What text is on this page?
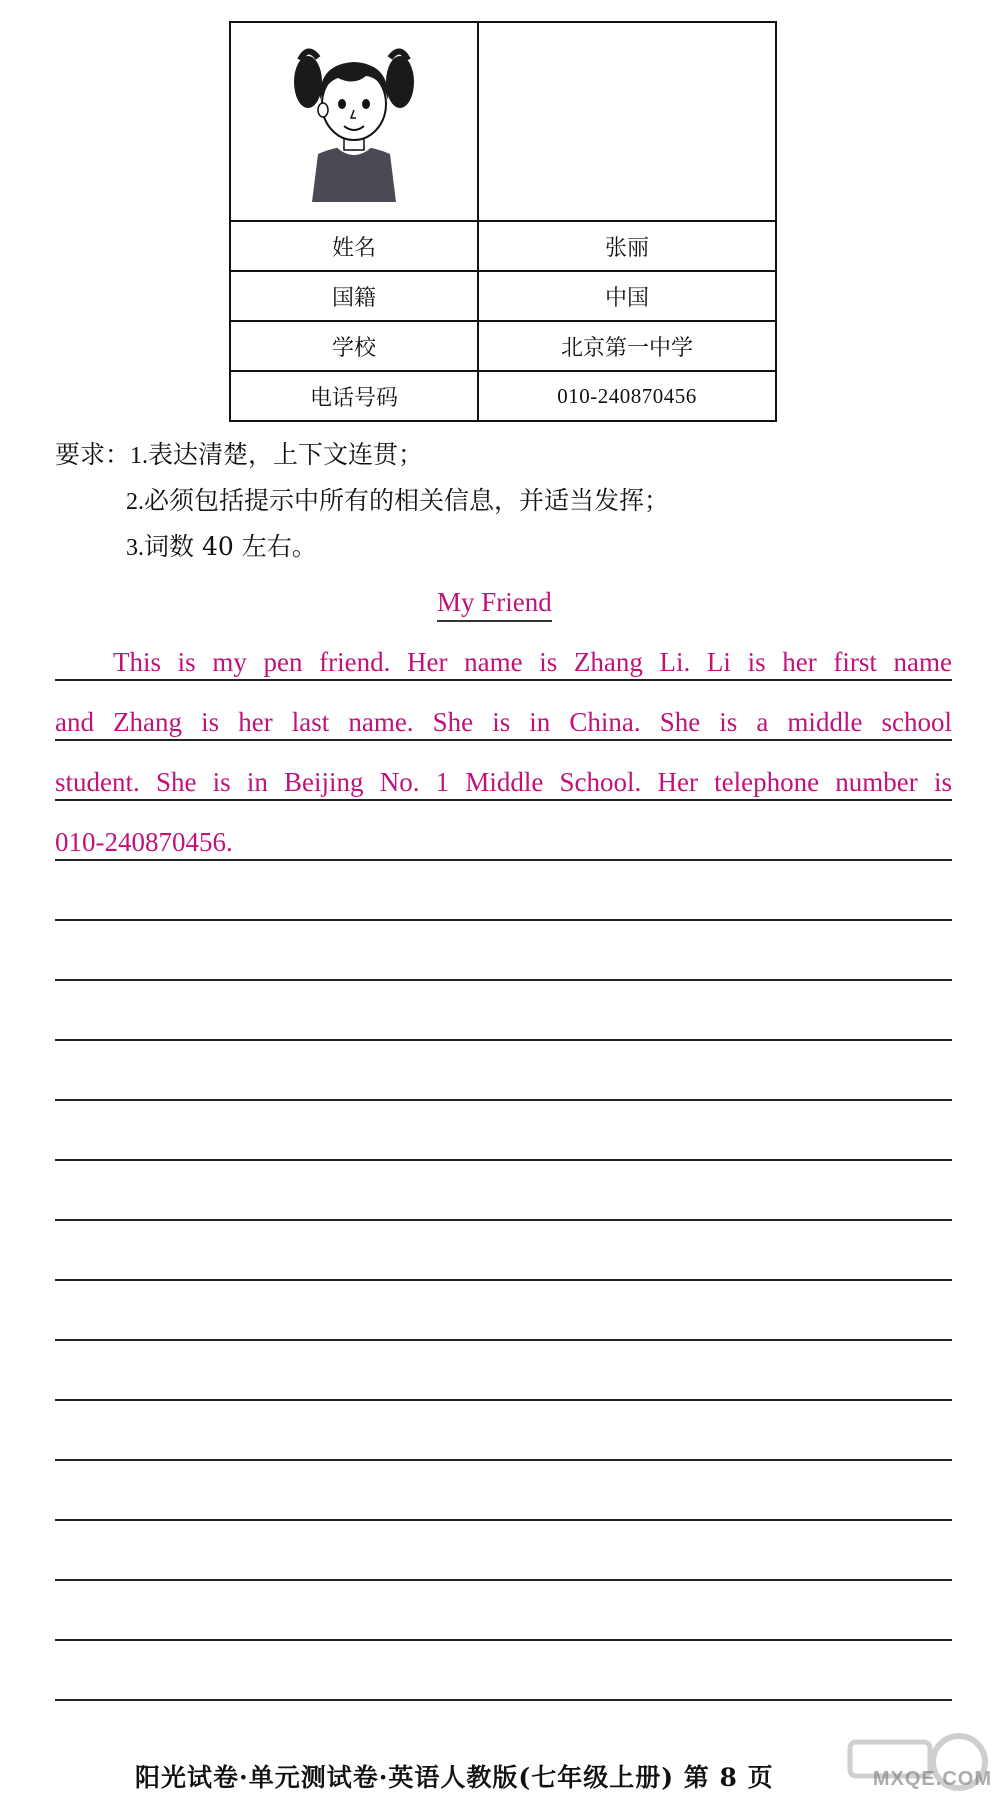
姓名	张丽
国籍	中国
学校	北京第一中学
电话号码	010-240870456
要求：1.表达清楚，上下文连贯；
2.必须包括提示中所有的相关信息，并适当发挥；
3.词数 40 左右。
My Friend
This is my pen friend. Her name is Zhang Li. Li is her first name
and Zhang is her last name. She is in China. She is a middle school
student. She is in Beijing No. 1 Middle School. Her telephone number is
010-240870456.
阳光试卷·单元测试卷·英语人教版(七年级上册) 第 8 页	MXQE.COM
